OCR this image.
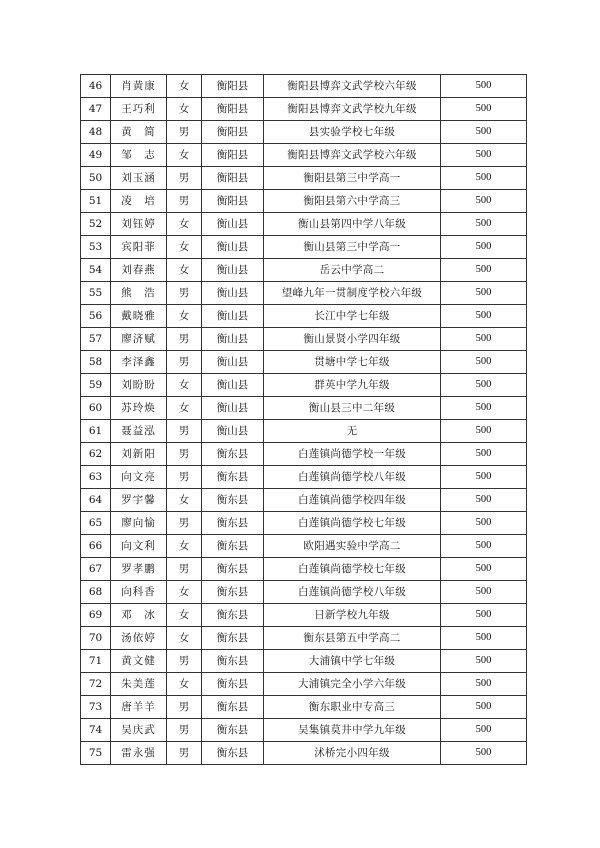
46	肖黄康	女	衡阳县	衡阳县博弈文武学校六年级	500
47	王巧利	女	衡阳县	衡阳县博弈文武学校九年级	500
48	黄　简	男	衡阳县	县实验学校七年级	500
49	邹　志	女	衡阳县	衡阳县博弈文武学校六年级	500
50	刘玉涵	男	衡阳县	衡阳县第三中学高一	500
51	凌　培	男	衡阳县	衡阳县第六中学高三	500
52	刘钰婷	女	衡山县	衡山县第四中学八年级	500
53	宾阳菲	女	衡山县	衡山县第三中学高一	500
54	刘春燕	女	衡山县	岳云中学高二	500
55	熊　浩	男	衡山县	望峰九年一贯制度学校六年级	500
56	戴晓雅	女	衡山县	长江中学七年级	500
57	廖济赋	男	衡山县	衡山景贤小学四年级	500
58	李泽鑫	男	衡山县	贯塘中学七年级	500
59	刘盼盼	女	衡山县	群英中学九年级	500
60	苏玲焕	女	衡山县	衡山县三中二年级	500
61	聂益泓	男	衡山县	无	500
62	刘新阳	男	衡东县	白莲镇尚德学校一年级	500
63	向文亮	男	衡东县	白莲镇尚德学校八年级	500
64	罗宇馨	女	衡东县	白莲镇尚德学校四年级	500
65	廖向愉	男	衡东县	白莲镇尚德学校七年级	500
66	向文利	女	衡东县	欧阳遇实验中学高二	500
67	罗孝鹏	男	衡东县	白莲镇尚德学校七年级	500
68	向科香	女	衡东县	白莲镇尚德学校八年级	500
69	邓　冰	女	衡东县	日新学校九年级	500
70	汤依婷	女	衡东县	衡东县第五中学高二	500
71	黄文健	男	衡东县	大浦镇中学七年级	500
72	朱美莲	女	衡东县	大浦镇完全小学六年级	500
73	唐羊羊	男	衡东县	衡东职业中专高三	500
74	吴庆武	男	衡东县	吴集镇莫井中学九年级	500
75	雷永强	男	衡东县	沭桥完小四年级	500
